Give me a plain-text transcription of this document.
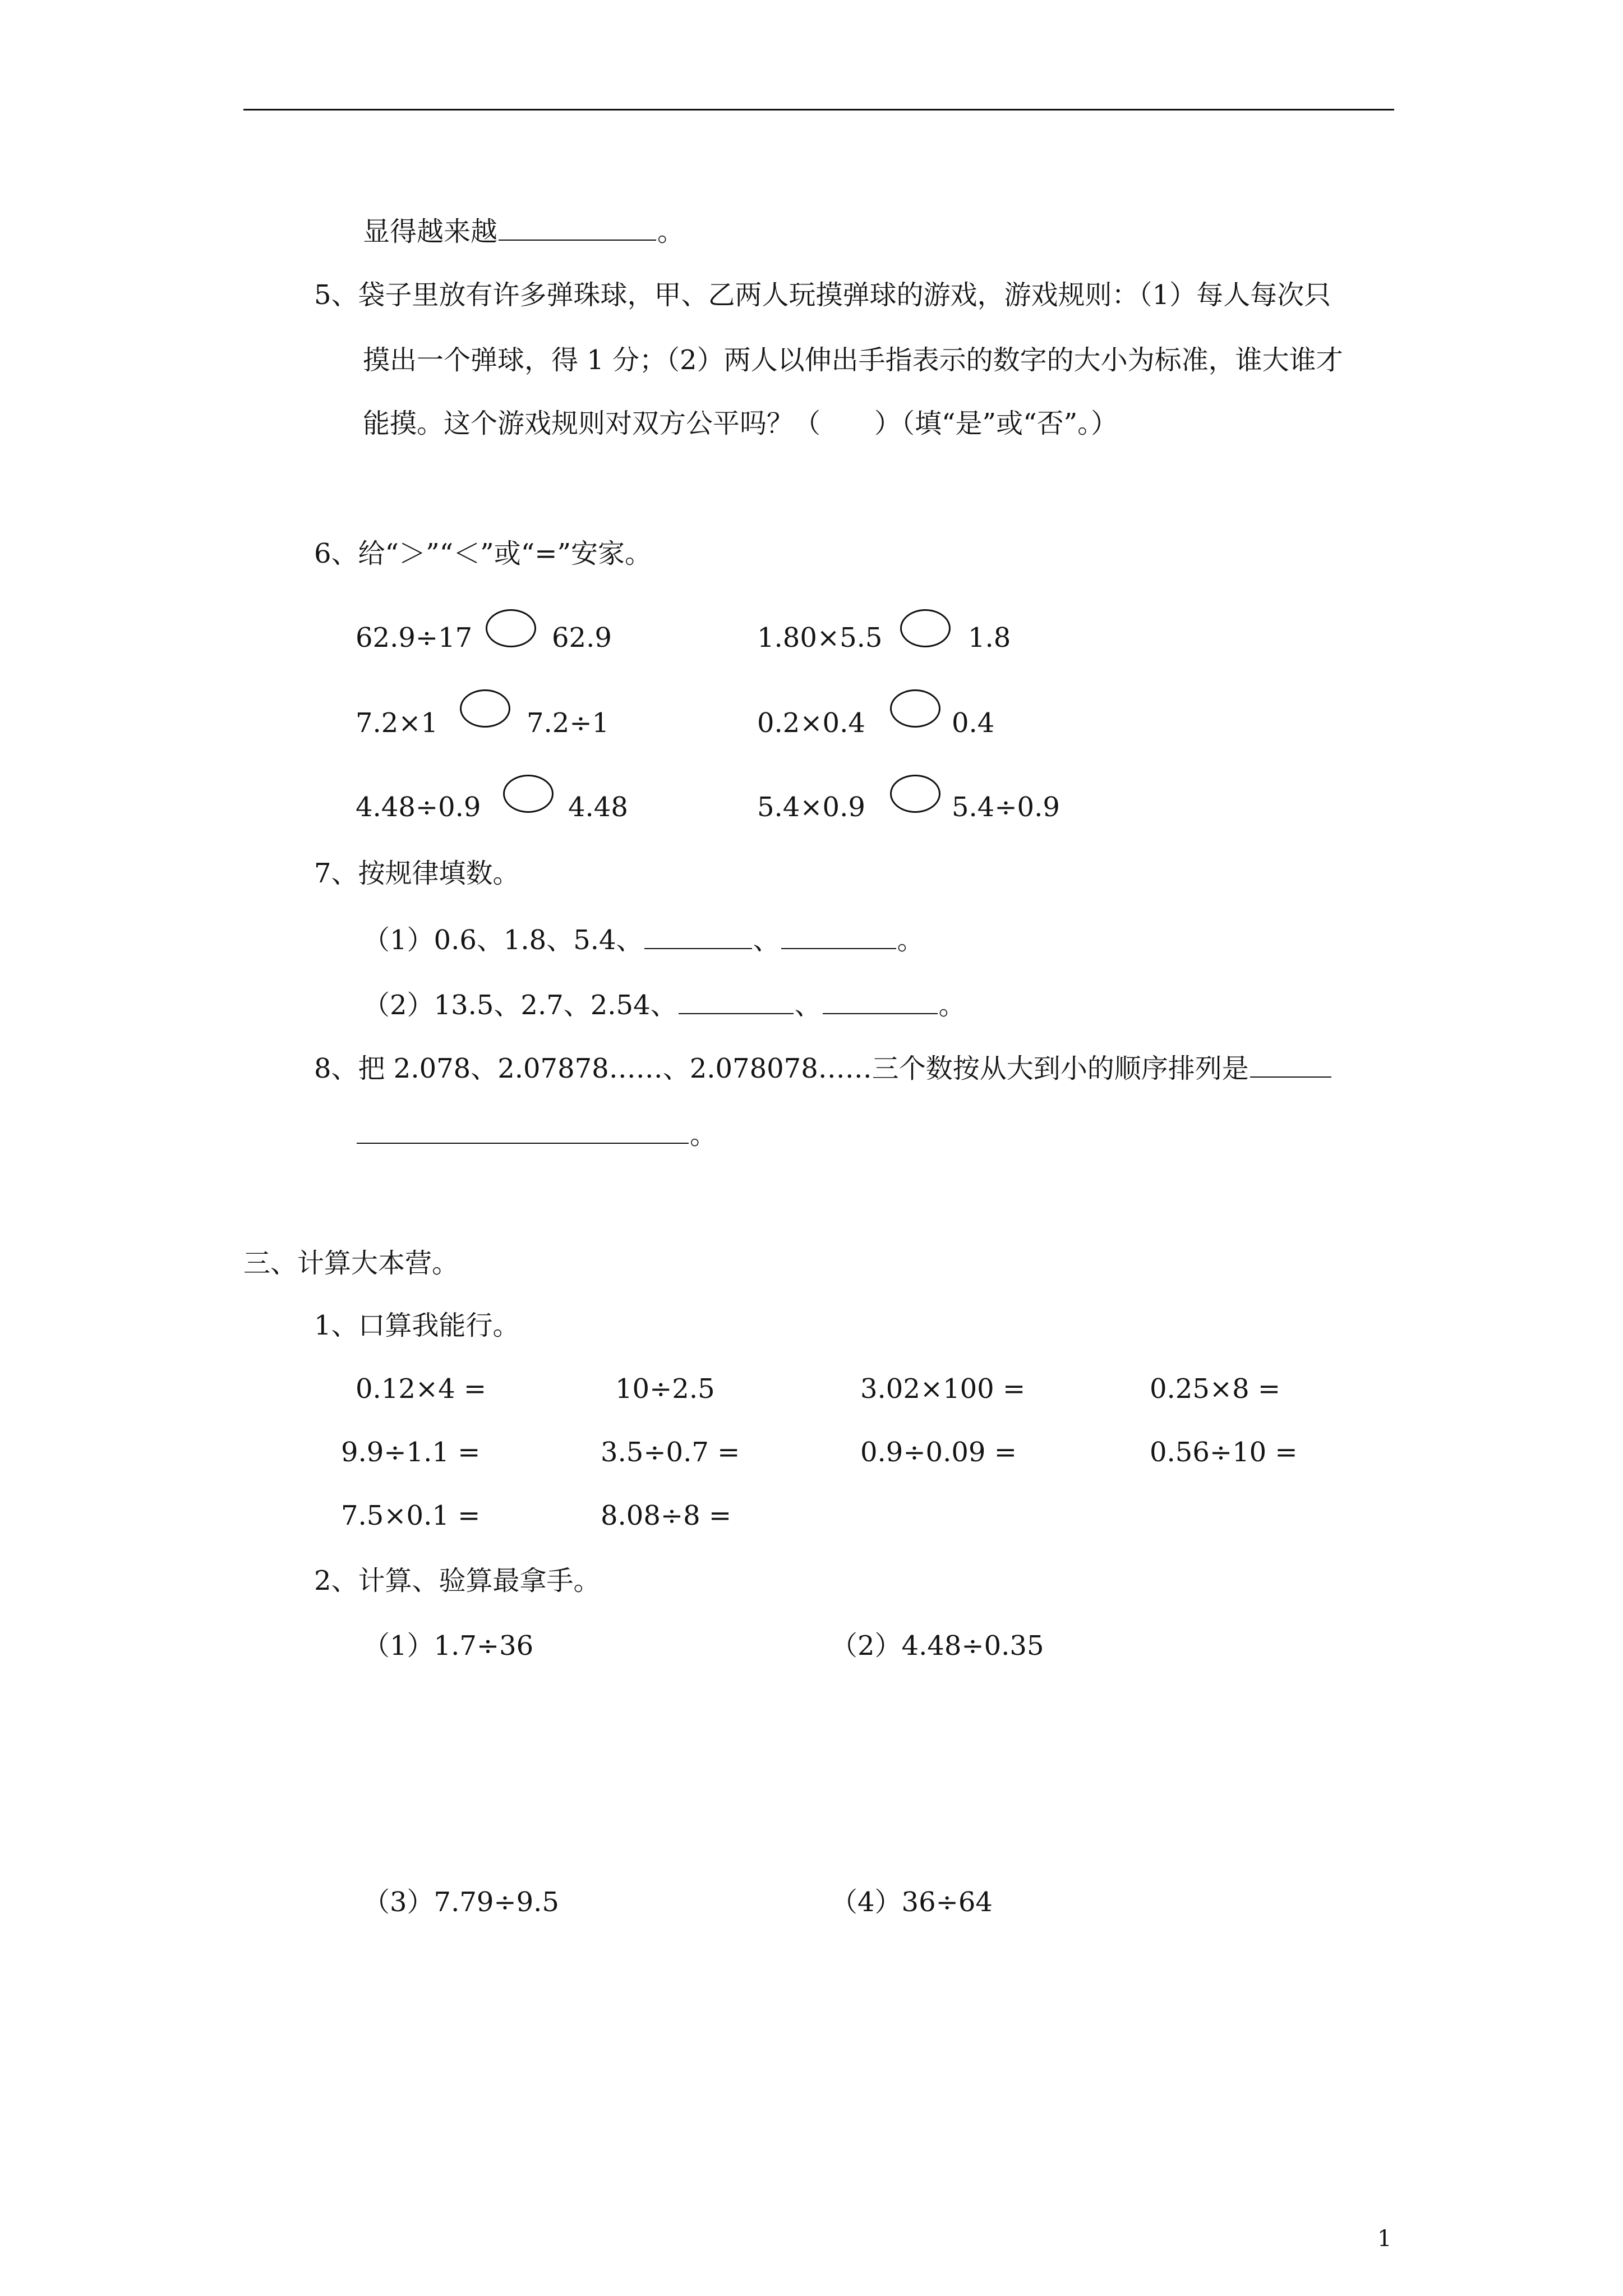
显得越来越	。
5、袋子里放有许多弹珠球，甲、乙两人玩摸弹球的游戏，游戏规则：（1）每人每次只
摸出一个弹球，得 1 分；（2）两人以伸出手指表示的数字的大小为标准，谁大谁才
能摸。这个游戏规则对双方公平吗？（　　）（填“是”或“否”。）
6、给“＞”“＜”或“=”安家。
62.9÷17	62.9	1.80×5.5	1.8
7.2×1	7.2÷1	0.2×0.4	0.4
4.48÷0.9	4.48	5.4×0.9	5.4÷0.9
7、按规律填数。
（1）0.6、1.8、5.4、	、	。
（2）13.5、2.7、2.54、	、	。
8、把 2.078、2.07878……、2.078078……三个数按从大到小的顺序排列是
。
三、计算大本营。
1、口算我能行。
0.12×4 =	10÷2.5	3.02×100 =	0.25×8 =
9.9÷1.1 =	3.5÷0.7 =	0.9÷0.09 =	0.56÷10 =
7.5×0.1 =	8.08÷8 =
2、计算、验算最拿手。
（1）1.7÷36	（2）4.48÷0.35
（3）7.79÷9.5	（4）36÷64
1
